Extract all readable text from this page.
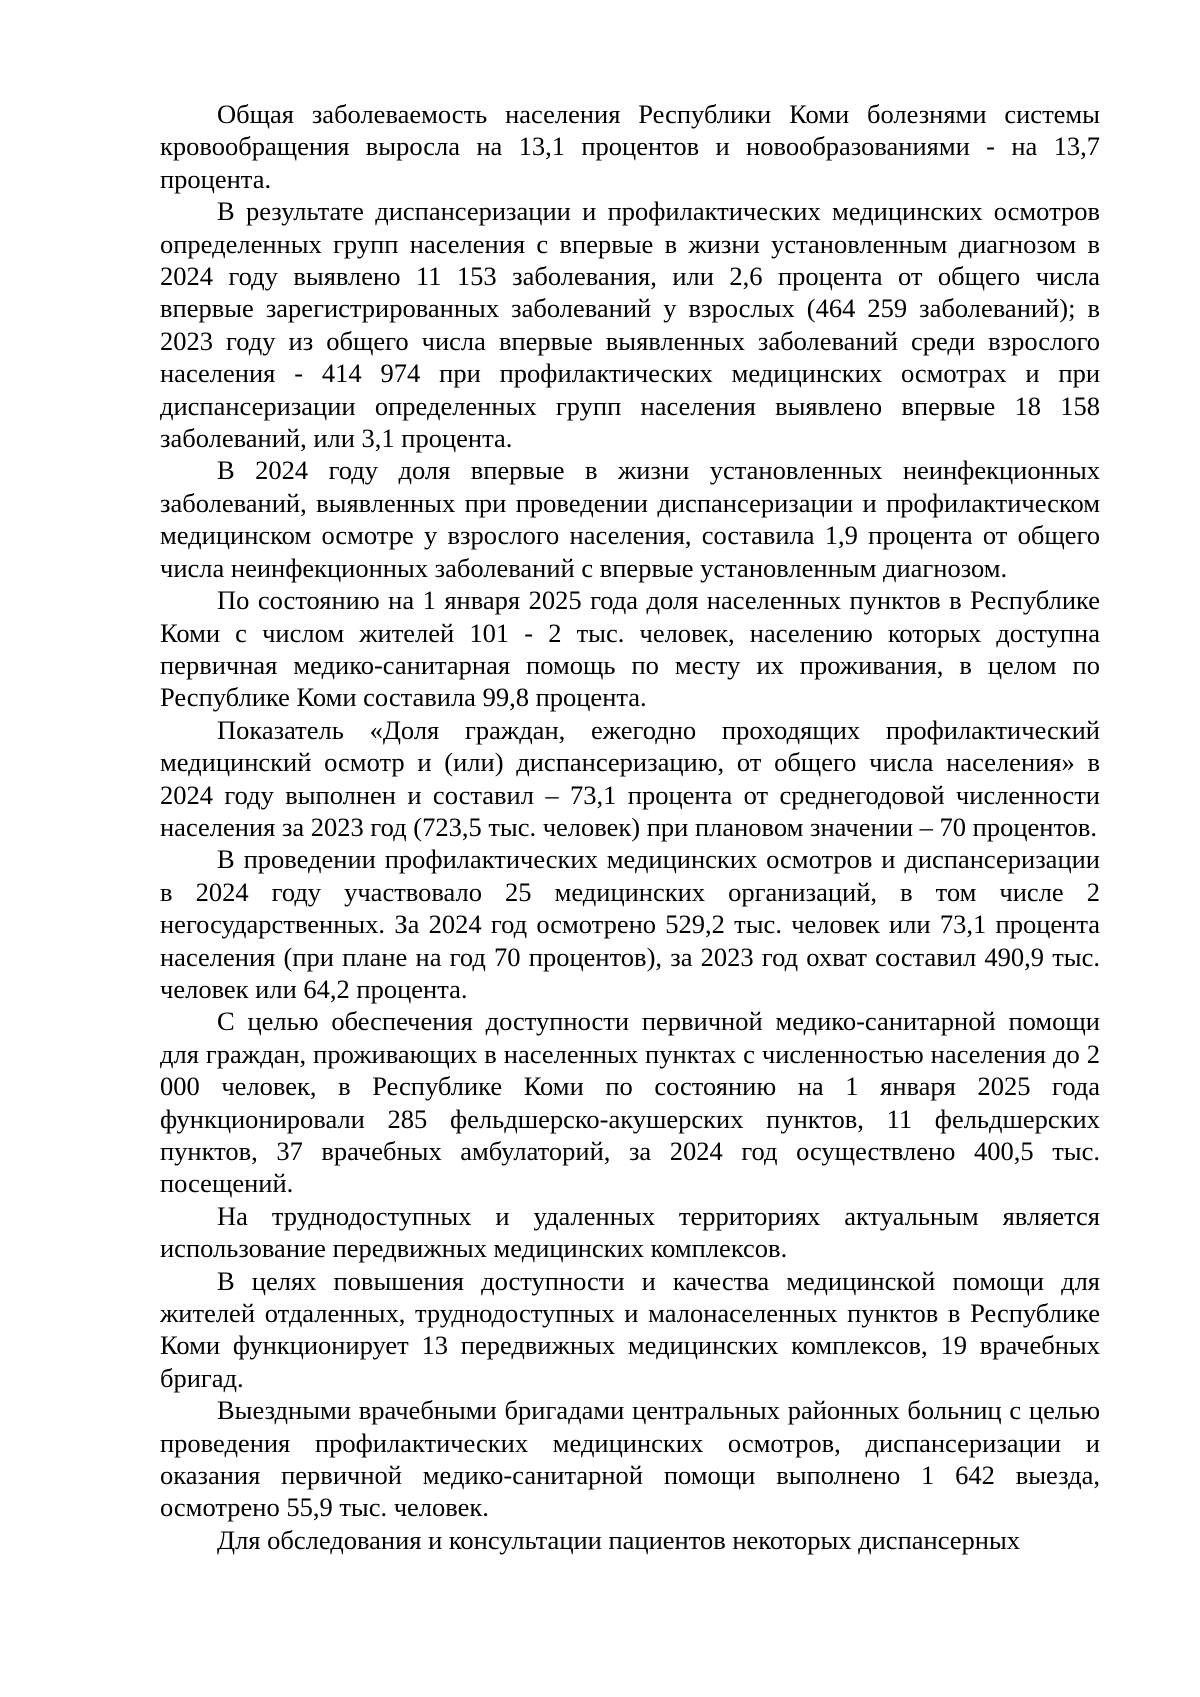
Общая заболеваемость населения Республики Коми болезнями системы кровообращения выросла на 13,1 процентов и новообразованиями - на 13,7 процента.

В результате диспансеризации и профилактических медицинских осмотров определенных групп населения с впервые в жизни установленным диагнозом в 2024 году выявлено 11 153 заболевания, или 2,6 процента от общего числа впервые зарегистрированных заболеваний у взрослых (464 259 заболеваний); в 2023 году из общего числа впервые выявленных заболеваний среди взрослого населения - 414 974 при профилактических медицинских осмотрах и при диспансеризации определенных групп населения выявлено впервые 18 158 заболеваний, или 3,1 процента.

В 2024 году доля впервые в жизни установленных неинфекционных заболеваний, выявленных при проведении диспансеризации и профилактическом медицинском осмотре у взрослого населения, составила 1,9 процента от общего числа неинфекционных заболеваний с впервые установленным диагнозом.

По состоянию на 1 января 2025 года доля населенных пунктов в Республике Коми с числом жителей 101 - 2 тыс. человек, населению которых доступна первичная медико-санитарная помощь по месту их проживания, в целом по Республике Коми составила 99,8 процента.

Показатель «Доля граждан, ежегодно проходящих профилактический медицинский осмотр и (или) диспансеризацию, от общего числа населения» в 2024 году выполнен и составил – 73,1 процента от среднегодовой численности населения за 2023 год (723,5 тыс. человек) при плановом значении – 70 процентов.

В проведении профилактических медицинских осмотров и диспансеризации в 2024 году участвовало 25 медицинских организаций, в том числе 2 негосударственных. За 2024 год осмотрено 529,2 тыс. человек или 73,1 процента населения (при плане на год 70 процентов), за 2023 год охват составил 490,9 тыс. человек или 64,2 процента.

С целью обеспечения доступности первичной медико-санитарной помощи для граждан, проживающих в населенных пунктах с численностью населения до 2 000 человек, в Республике Коми по состоянию на 1 января 2025 года функционировали 285 фельдшерско-акушерских пунктов, 11 фельдшерских пунктов, 37 врачебных амбулаторий, за 2024 год осуществлено 400,5 тыс. посещений.

На труднодоступных и удаленных территориях актуальным является использование передвижных медицинских комплексов.

В целях повышения доступности и качества медицинской помощи для жителей отдаленных, труднодоступных и малонаселенных пунктов в Республике Коми функционирует 13 передвижных медицинских комплексов, 19 врачебных бригад.

Выездными врачебными бригадами центральных районных больниц с целью проведения профилактических медицинских осмотров, диспансеризации и оказания первичной медико-санитарной помощи выполнено 1 642 выезда, осмотрено 55,9 тыс. человек.

Для обследования и консультации пациентов некоторых диспансерных
